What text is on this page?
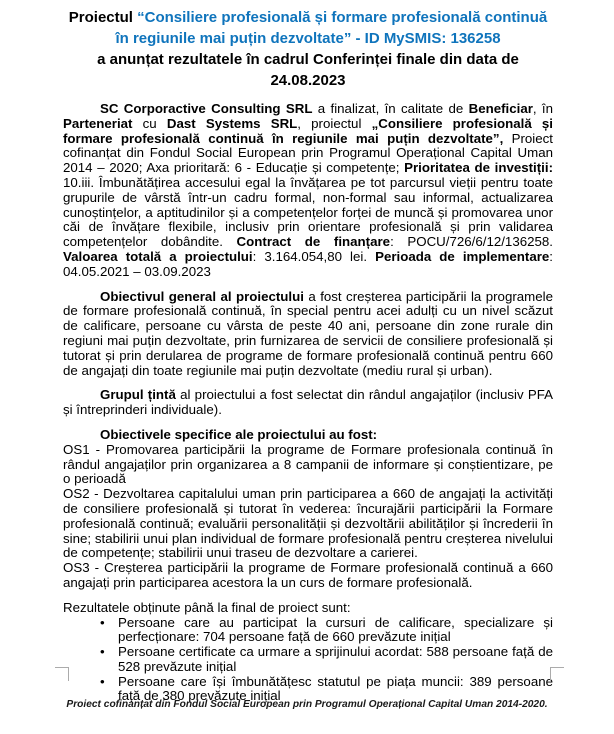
Proiectul “Consiliere profesională și formare profesională continuă
în regiunile mai puțin dezvoltate” - ID MySMIS: 136258
a anunțat rezultatele în cadrul Conferinței finale din data de
24.08.2023

SC Corporactive Consulting SRL a finalizat, în calitate de Beneficiar, în Parteneriat cu Dast Systems SRL, proiectul „Consiliere profesională și formare profesională continuă în regiunile mai puțin dezvoltate”, Proiect cofinanțat din Fondul Social European prin Programul Operațional Capital Uman 2014 – 2020; Axa prioritară: 6 - Educație și competențe; Prioritatea de investiții: 10.iii. Îmbunătățirea accesului egal la învățarea pe tot parcursul vieții pentru toate grupurile de vârstă într-un cadru formal, non-formal sau informal, actualizarea cunoștințelor, a aptitudinilor și a competențelor forței de muncă și promovarea unor căi de învățare flexibile, inclusiv prin orientare profesională și prin validarea competențelor dobândite. Contract de finanțare: POCU/726/6/12/136258. Valoarea totală a proiectului: 3.164.054,80 lei. Perioada de implementare: 04.05.2021 – 03.09.2023

Obiectivul general al proiectului a fost creșterea participării la programele de formare profesională continuă, în special pentru acei adulți cu un nivel scăzut de calificare, persoane cu vârsta de peste 40 ani, persoane din zone rurale din regiuni mai puțin dezvoltate, prin furnizarea de servicii de consiliere profesională și tutorat și prin derularea de programe de formare profesională continuă pentru 660 de angajați din toate regiunile mai puțin dezvoltate (mediu rural și urban).

Grupul țintă al proiectului a fost selectat din rândul angajaților (inclusiv PFA și întreprinderi individuale).

Obiectivele specifice ale proiectului au fost:

OS1 - Promovarea participării la programe de Formare profesionala continuă în rândul angajaților prin organizarea a 8 campanii de informare și conștientizare, pe o perioadă

OS2 - Dezvoltarea capitalului uman prin participarea a 660 de angajați la activități de consiliere profesională și tutorat în vederea: încurajării participării la Formare profesională continuă; evaluării personalității și dezvoltării abilităților și încrederii în sine; stabilirii unui plan individual de formare profesională pentru creșterea nivelului de competențe; stabilirii unui traseu de dezvoltare a carierei.

OS3 - Creșterea participării la programe de Formare profesională continuă a 660 angajați prin participarea acestora la un curs de formare profesională.

Rezultatele obținute până la final de proiect sunt:

• Persoane care au participat la cursuri de calificare, specializare și perfecționare: 704 persoane față de 660 prevăzute inițial
• Persoane certificate ca urmare a sprijinului acordat: 588 persoane față de 528 prevăzute inițial
• Persoane care își îmbunătățesc statutul pe piața muncii: 389 persoane față de 380 prevăzute inițial
Proiect cofinanțat din Fondul Social European prin Programul Operațional Capital Uman 2014-2020.
